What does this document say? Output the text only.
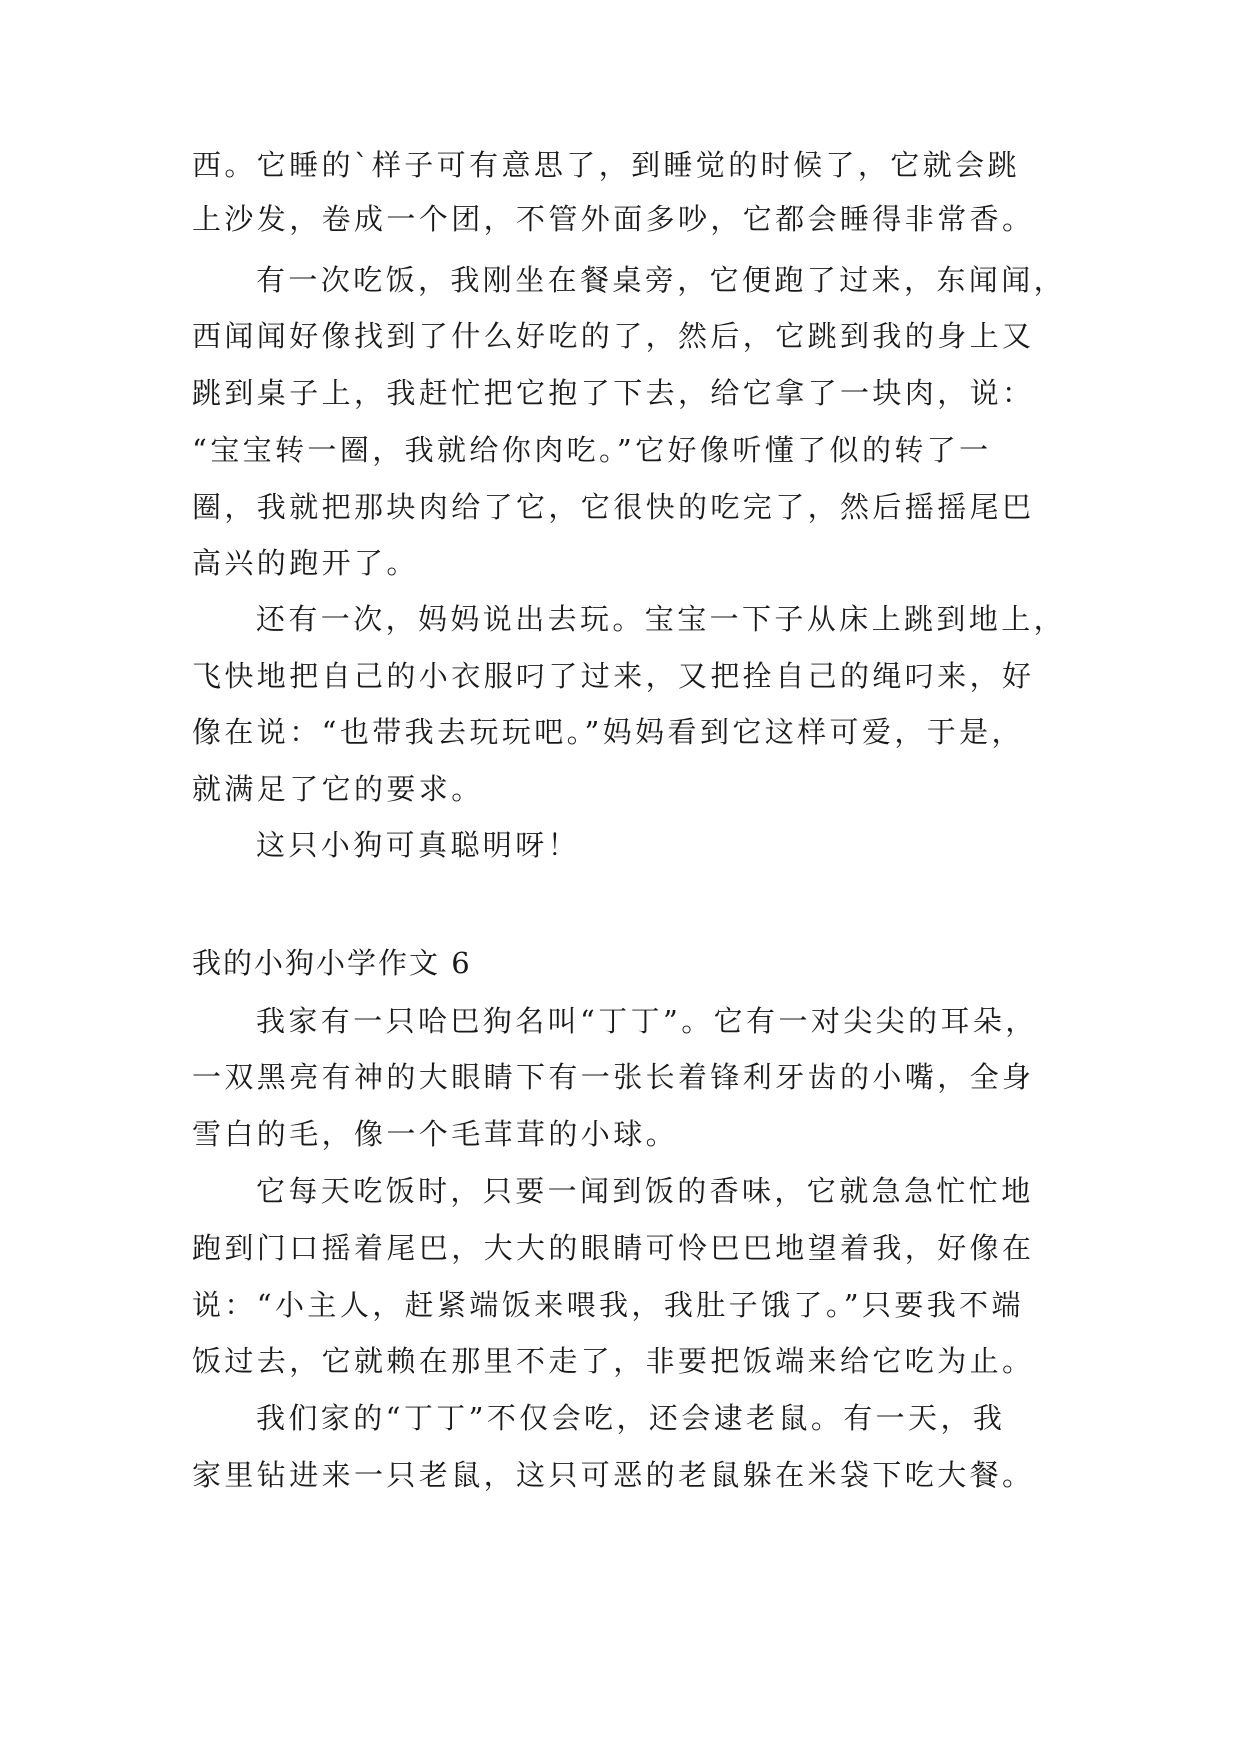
西。它睡的`样子可有意思了，到睡觉的时候了，它就会跳
上沙发，卷成一个团，不管外面多吵，它都会睡得非常香。
有一次吃饭，我刚坐在餐桌旁，它便跑了过来，东闻闻，
西闻闻好像找到了什么好吃的了，然后，它跳到我的身上又
跳到桌子上，我赶忙把它抱了下去，给它拿了一块肉，说：
“宝宝转一圈，我就给你肉吃。”它好像听懂了似的转了一
圈，我就把那块肉给了它，它很快的吃完了，然后摇摇尾巴
高兴的跑开了。
还有一次，妈妈说出去玩。宝宝一下子从床上跳到地上，
飞快地把自己的小衣服叼了过来，又把拴自己的绳叼来，好
像在说：“也带我去玩玩吧。”妈妈看到它这样可爱，于是，
就满足了它的要求。
这只小狗可真聪明呀！
我的小狗小学作文 6
我家有一只哈巴狗名叫“丁丁”。它有一对尖尖的耳朵，
一双黑亮有神的大眼睛下有一张长着锋利牙齿的小嘴，全身
雪白的毛，像一个毛茸茸的小球。
它每天吃饭时，只要一闻到饭的香味，它就急急忙忙地
跑到门口摇着尾巴，大大的眼睛可怜巴巴地望着我，好像在
说：“小主人，赶紧端饭来喂我，我肚子饿了。”只要我不端
饭过去，它就赖在那里不走了，非要把饭端来给它吃为止。
我们家的“丁丁”不仅会吃，还会逮老鼠。有一天，我
家里钻进来一只老鼠，这只可恶的老鼠躲在米袋下吃大餐。
